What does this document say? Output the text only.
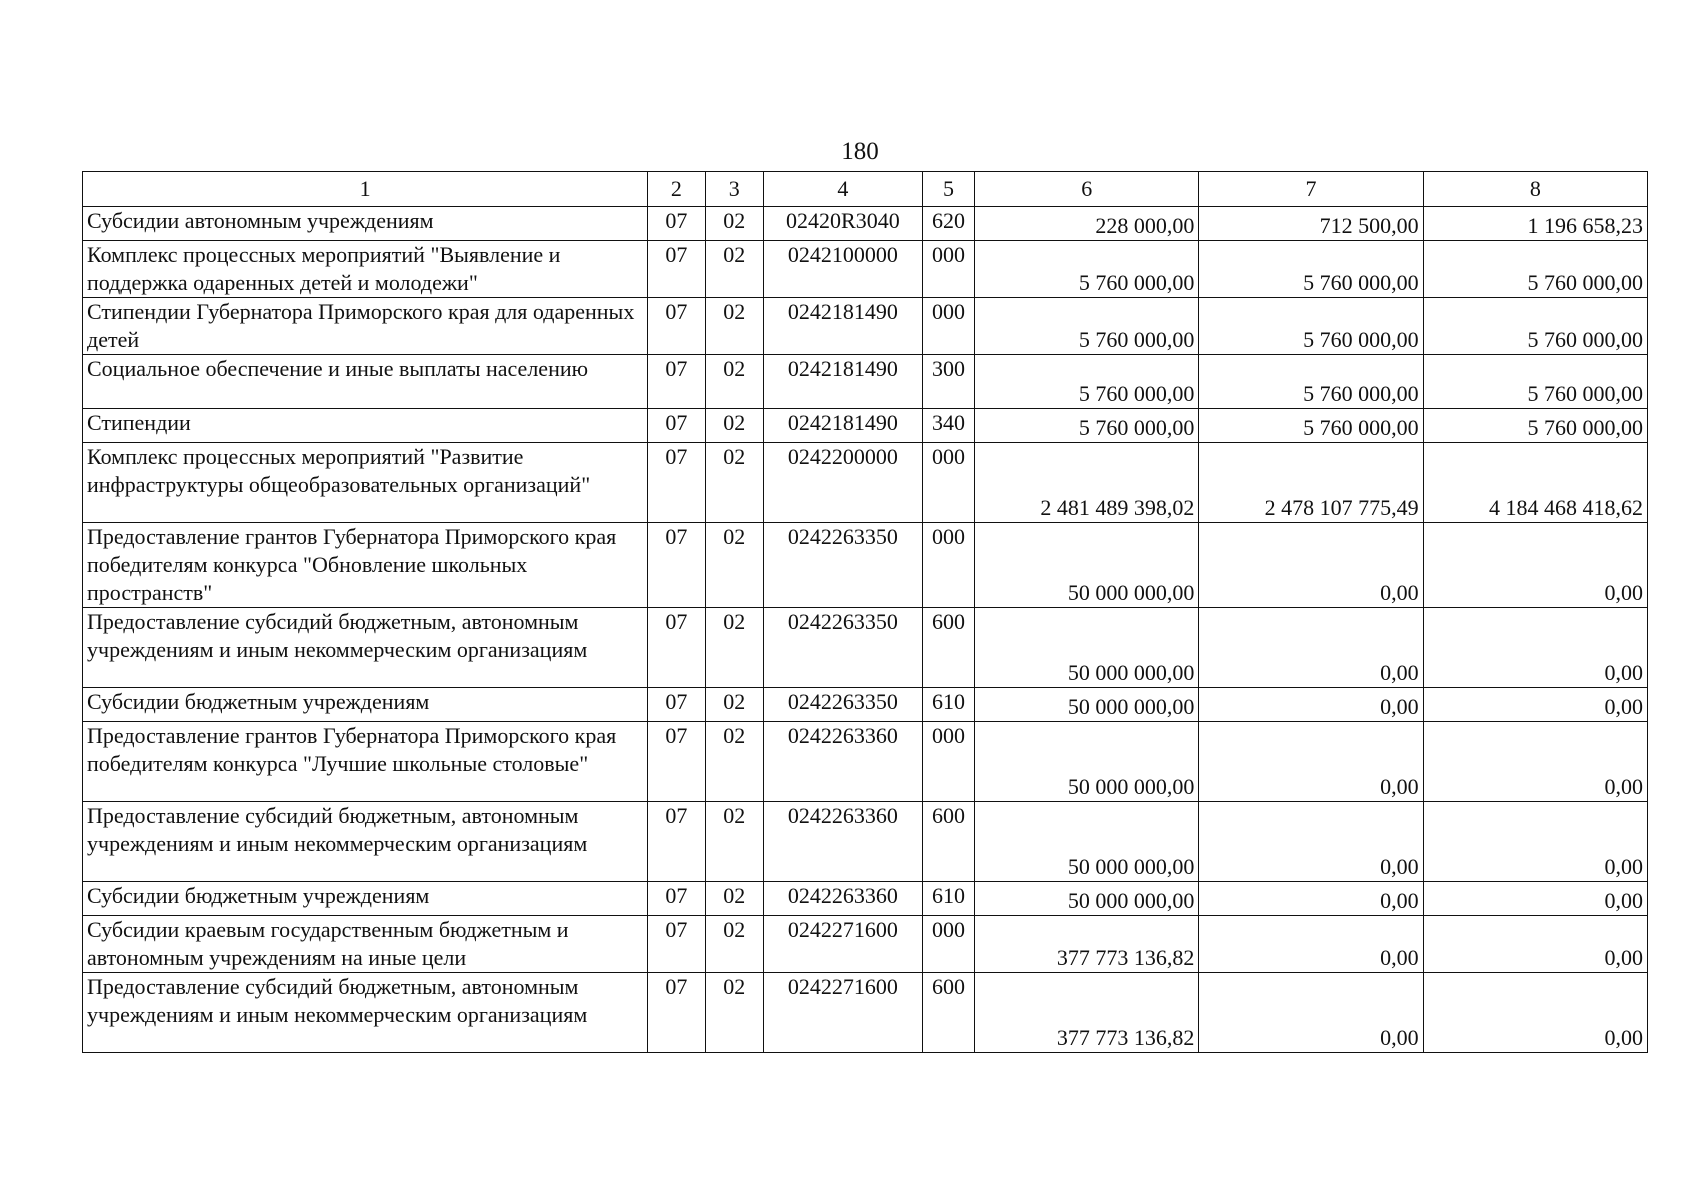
180
1	2	3	4	5	6	7	8
Субсидии автономным учреждениям	07	02	02420R3040	620	228 000,00	712 500,00	1 196 658,23
Комплекс процессных мероприятий "Выявление и поддержка одаренных детей и молодежи"	07	02	0242100000	000	5 760 000,00	5 760 000,00	5 760 000,00
Стипендии Губернатора Приморского края для одаренных детей	07	02	0242181490	000	5 760 000,00	5 760 000,00	5 760 000,00
Социальное обеспечение и иные выплаты населению	07	02	0242181490	300	5 760 000,00	5 760 000,00	5 760 000,00
Стипендии	07	02	0242181490	340	5 760 000,00	5 760 000,00	5 760 000,00
Комплекс процессных мероприятий "Развитие инфраструктуры общеобразовательных организаций"	07	02	0242200000	000	2 481 489 398,02	2 478 107 775,49	4 184 468 418,62
Предоставление грантов Губернатора Приморского края победителям конкурса "Обновление школьных пространств"	07	02	0242263350	000	50 000 000,00	0,00	0,00
Предоставление субсидий бюджетным, автономным учреждениям и иным некоммерческим организациям	07	02	0242263350	600	50 000 000,00	0,00	0,00
Субсидии бюджетным учреждениям	07	02	0242263350	610	50 000 000,00	0,00	0,00
Предоставление грантов Губернатора Приморского края победителям конкурса "Лучшие школьные столовые"	07	02	0242263360	000	50 000 000,00	0,00	0,00
Предоставление субсидий бюджетным, автономным учреждениям и иным некоммерческим организациям	07	02	0242263360	600	50 000 000,00	0,00	0,00
Субсидии бюджетным учреждениям	07	02	0242263360	610	50 000 000,00	0,00	0,00
Субсидии краевым государственным бюджетным и автономным учреждениям на иные цели	07	02	0242271600	000	377 773 136,82	0,00	0,00
Предоставление субсидий бюджетным, автономным учреждениям и иным некоммерческим организациям	07	02	0242271600	600	377 773 136,82	0,00	0,00
